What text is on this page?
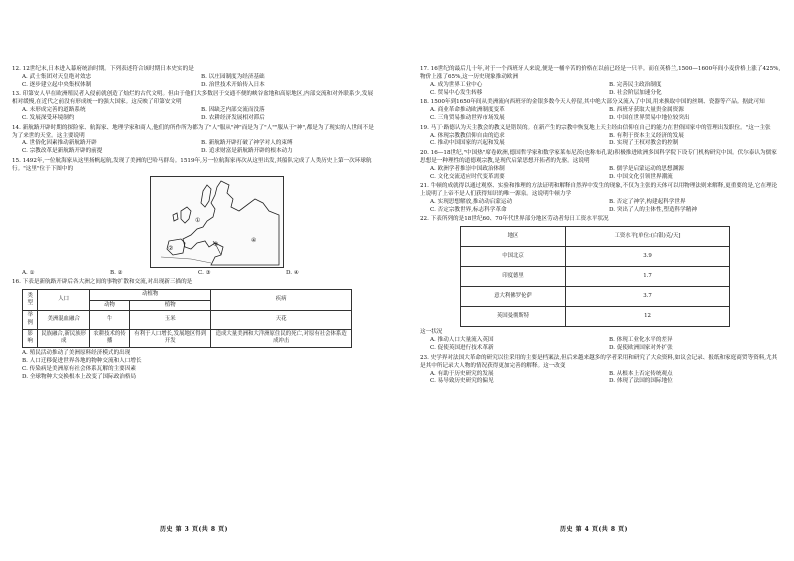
12. 12世纪末,日本进入幕府统治时期。下列表述符合该时期日本史实的是
A. 武士集团对天皇绝对效忠	B. 以庄园制度为经济基础
C. 逐步建立起中央集权体制	D. 治世技术开始传入日本
13. 印第安人早在欧洲殖民者入侵前就创造了灿烂的古代文明。但由于他们大多数居于交通不便的峡谷盆地和高原地区,内部交流和对外联系少,发展相对缓慢,在近代之前没有形成统一的强大国家。这反映了印第安文明
A. 未形成完善的道路系统	B. 因缺乏内部交流而没落
C. 发展深受环境制约	D. 农耕经济发展相对滞后
14. 新航路开辟时期的探险家、航海家、地理学家和商人,他们的所作所为都为了"人"服从"神"而是为了"人""服从于"神",都是为了现实的人世间不是为了来世的天堂。这主要说明
A. 世俗化因素推动新航路开辟	B. 新航路开辟打破了神学对人的束缚
C. 宗教改革是新航路开辟的前提	D. 追求财富是新航路开辟的根本动力
15. 1492年,一位航海家从这里扬帆起航,发现了美洲的巴哈马群岛。1519年,另一位航海家再次从这里出发,其船队完成了人类历史上第一次环球航行。"这里"位于下图中的
①
②
③
④
A. ①	B. ②	C. ③	D. ④
16. 下表是新航路开辟后各大洲之间的事物扩散和交流,对出现新三描的是
类型	人口	动植物		疾病
		动物	植物	
举例	美洲混血融合	牛	玉米	天花
影响	民族融合,新民族形成	农耕技术的传播	有利于人口增长,发展地区得到开发	造成大量美洲和大洋洲原住民的死亡,对原有社会体系造成冲击
A. 殖民活动推动了美洲原料经济模式的出现
B. 人口迁移促进世界各地的物种交流和人口增长
C. 传染病是美洲原有社会体系瓦解的主要因素
D. 全球物种大交换根本上改变了国际政治格局
历史 第 3 页(共 8 页)
17. 16世纪的最后几十年,对于一个西班牙人来说,便是一桶辛苦的价格在以前已经是一只羊。而在英格兰,1500—1600年间小麦价格上涨了425%,物价上涨了65%,这一历史现象推动欧洲
A. 成为世界工业中心	B. 完善民主政治制度
C. 贸易中心发生转移	D. 社会阶层加速分化
18. 1500年到1650年间从美洲流向西班牙的金银多数今天人停留,其中绝大部分又流入了中国,用来换取中国的丝绸、瓷器等产品。据此可知
A. 商业革命推动欧洲制度变革	B. 西班牙获取大量贵金属资源
C. 三角贸易推动世界市场发展	D. 中国在世界贸易中地位较突出
19. 马丁·路德认为天主教会的教义是错误的。在新产生的宗教中恢复地上天主经由信仰在自己的能力在世俗国家中的管理出发职位。"这一主张
A. 体现宗教教信仰自由的追求	B. 有利于资本主义经济的发展
C. 推动中国国家的兴起和发展	D. 实现了王权对教会的控制
20. 16—18世纪,"中国热"席卷欧洲,德国哲学家和数学家莱布尼茨(也称布孔说)积极推进欧洲多国科学院下设专门机构研究中国。伏尔泰认为儒家思想是一种理性的道德观宗教,是现代启蒙思想开拓者的先驱。这说明
A. 欧洲学者推崇中国政治体制	B. 儒学是启蒙运动的思想渊源
C. 文化交流适应时代变革需要	D. 中国文化引领世界潮流
21. 牛顿的成就得以通过观察、实验和推理的方法证明和解释自然界中发生的现象,不仅为主张的天体可以用物理法则来解释,更重要的是,它在理论上说明了上帝不是人们获得知识的唯一源泉。这说明牛顿力学
A. 实现思想解放,推动动启蒙运动	B. 否定了神学,构建起科学世界
C. 否定宗教世界,标志科学革命	D. 突出了人的主体性,塑造科学精神
22. 下表所列的是18世纪60、70年代世界部分地区劳动者每日工资水平状况
地区	工资水平[单位:(白银)克/天]
中国北京	3.9
印度德里	1.7
意大利佛罗伦萨	3.7
英国曼彻斯特	12
这一状况
A. 推动人口大量流入英国	B. 体现工业化水平的差异
C. 促使英国进行技术革新	D. 促使欧洲国家对外扩张
23. 史学界对法国大革命的研究以往采用的主要是档案法,但后来越来越多的学者采用和研究了大众资料,如议会记录、报纸和家庭商贸等资料,尤其是其中所记录大人物的情况获得更加完善的解释。这一改变
A. 有助于历史研究的发展	B. 从根本上否定传统观点
C. 易导致历史研究的偏见	D. 体现了法国的国际地位
历史 第 4 页(共 8 页)
